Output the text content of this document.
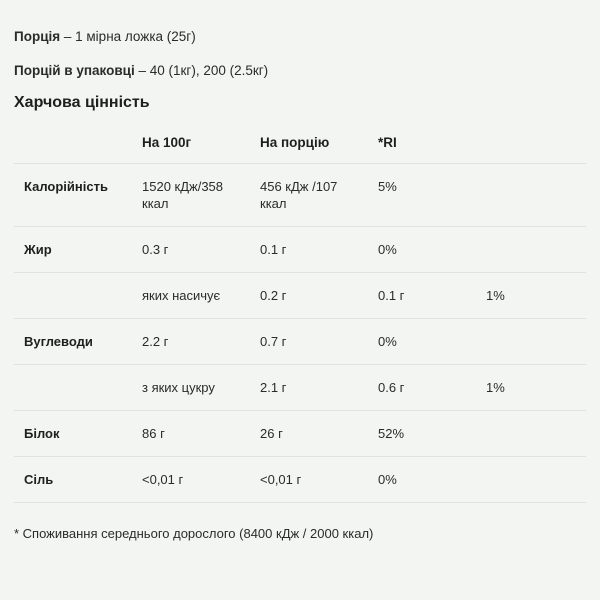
Порція – 1 мірна ложка (25г)
Порцій в упаковці – 40 (1кг), 200 (2.5кг)
Харчова цінність
	На 100г	На порцію	*RI	
Калорійність	1520 кДж/358 ккал	456 кДж /107 ккал	5%	
Жир	0.3 г	0.1 г	0%	
	яких насичує	0.2 г	0.1 г	1%
Вуглеводи	2.2 г	0.7 г	0%	
	з яких цукру	2.1 г	0.6 г	1%
Білок	86 г	26 г	52%	
Сіль	<0,01 г	<0,01 г	0%	
* Споживання середнього дорослого (8400 кДж / 2000 ккал)
